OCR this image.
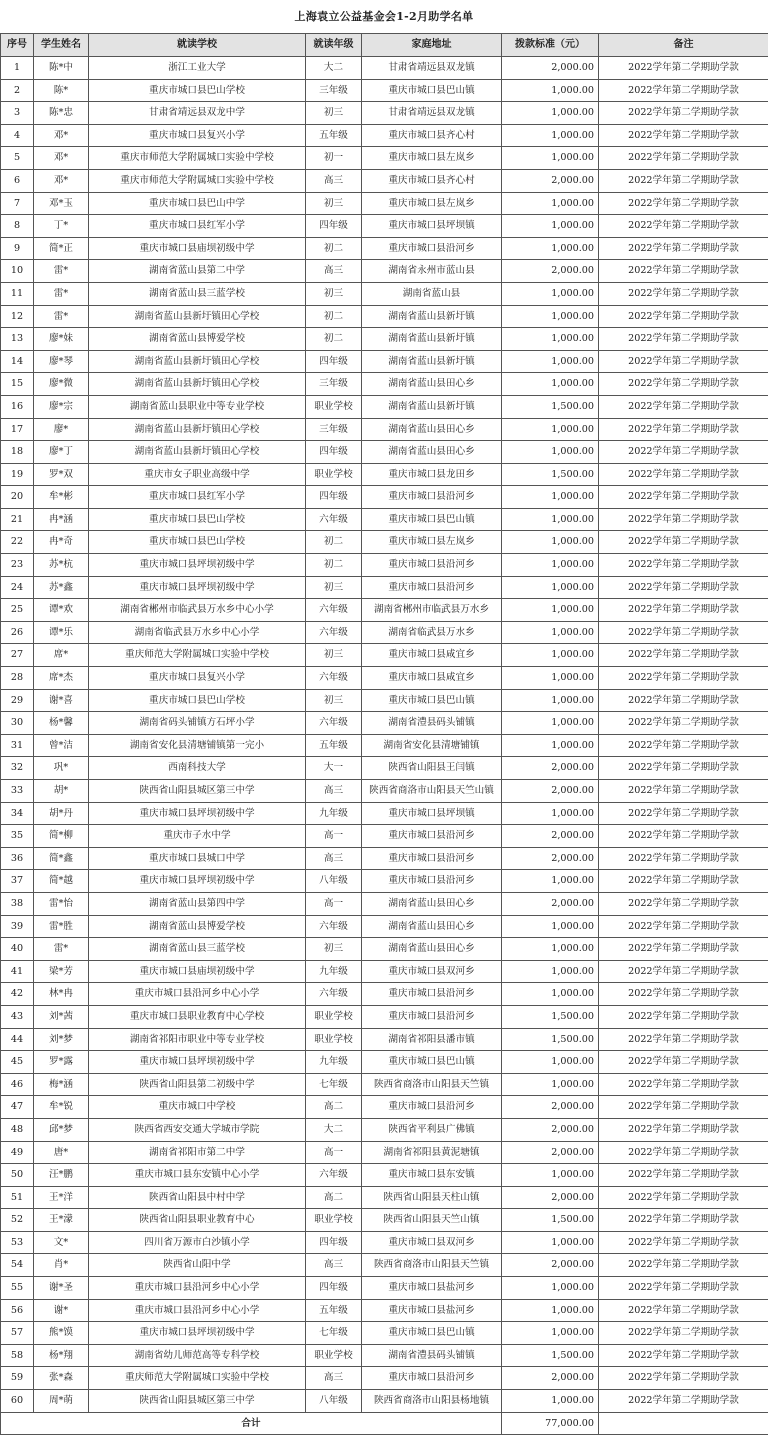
上海袁立公益基金会1-2月助学名单
序号	学生姓名	就读学校	就读年级	家庭地址	拨款标准（元）	备注
1	陈*中	浙江工业大学	大二	甘肃省靖远县双龙镇	2,000.00	2022学年第二学期助学款
2	陈*	重庆市城口县巴山学校	三年级	重庆市城口县巴山镇	1,000.00	2022学年第二学期助学款
3	陈*忠	甘肃省靖远县双龙中学	初三	甘肃省靖远县双龙镇	1,000.00	2022学年第二学期助学款
4	邓*	重庆市城口县复兴小学	五年级	重庆市城口县齐心村	1,000.00	2022学年第二学期助学款
5	邓*	重庆市师范大学附属城口实验中学校	初一	重庆市城口县左岚乡	1,000.00	2022学年第二学期助学款
6	邓*	重庆市师范大学附属城口实验中学校	高三	重庆市城口县齐心村	2,000.00	2022学年第二学期助学款
7	邓*玉	重庆市城口县巴山中学	初三	重庆市城口县左岚乡	1,000.00	2022学年第二学期助学款
8	丁*	重庆市城口县红军小学	四年级	重庆市城口县坪坝镇	1,000.00	2022学年第二学期助学款
9	简*正	重庆市城口县庙坝初级中学	初二	重庆市城口县沿河乡	1,000.00	2022学年第二学期助学款
10	雷*	湖南省蓝山县第二中学	高三	湖南省永州市蓝山县	2,000.00	2022学年第二学期助学款
11	雷*	湖南省蓝山县三蓝学校	初三	湖南省蓝山县	1,000.00	2022学年第二学期助学款
12	雷*	湖南省蓝山县新圩镇田心学校	初二	湖南省蓝山县新圩镇	1,000.00	2022学年第二学期助学款
13	廖*妹	湖南省蓝山县博爱学校	初二	湖南省蓝山县新圩镇	1,000.00	2022学年第二学期助学款
14	廖*琴	湖南省蓝山县新圩镇田心学校	四年级	湖南省蓝山县新圩镇	1,000.00	2022学年第二学期助学款
15	廖*微	湖南省蓝山县新圩镇田心学校	三年级	湖南省蓝山县田心乡	1,000.00	2022学年第二学期助学款
16	廖*宗	湖南省蓝山县职业中等专业学校	职业学校	湖南省蓝山县新圩镇	1,500.00	2022学年第二学期助学款
17	廖*	湖南省蓝山县新圩镇田心学校	三年级	湖南省蓝山县田心乡	1,000.00	2022学年第二学期助学款
18	廖*丁	湖南省蓝山县新圩镇田心学校	四年级	湖南省蓝山县田心乡	1,000.00	2022学年第二学期助学款
19	罗*双	重庆市女子职业高级中学	职业学校	重庆市城口县龙田乡	1,500.00	2022学年第二学期助学款
20	牟*彬	重庆市城口县红军小学	四年级	重庆市城口县沿河乡	1,000.00	2022学年第二学期助学款
21	冉*涵	重庆市城口县巴山学校	六年级	重庆市城口县巴山镇	1,000.00	2022学年第二学期助学款
22	冉*奇	重庆市城口县巴山学校	初二	重庆市城口县左岚乡	1,000.00	2022学年第二学期助学款
23	苏*杭	重庆市城口县坪坝初级中学	初二	重庆市城口县沿河乡	1,000.00	2022学年第二学期助学款
24	苏*鑫	重庆市城口县坪坝初级中学	初三	重庆市城口县沿河乡	1,000.00	2022学年第二学期助学款
25	谭*欢	湖南省郴州市临武县万水乡中心小学	六年级	湖南省郴州市临武县万水乡	1,000.00	2022学年第二学期助学款
26	谭*乐	湖南省临武县万水乡中心小学	六年级	湖南省临武县万水乡	1,000.00	2022学年第二学期助学款
27	席*	重庆师范大学附属城口实验中学校	初三	重庆市城口县咸宜乡	1,000.00	2022学年第二学期助学款
28	席*杰	重庆市城口县复兴小学	六年级	重庆市城口县咸宜乡	1,000.00	2022学年第二学期助学款
29	谢*喜	重庆市城口县巴山学校	初三	重庆市城口县巴山镇	1,000.00	2022学年第二学期助学款
30	杨*馨	湖南省码头铺镇方石坪小学	六年级	湖南省澧县码头铺镇	1,000.00	2022学年第二学期助学款
31	曾*洁	湖南省安化县清塘铺镇第一完小	五年级	湖南省安化县清塘铺镇	1,000.00	2022学年第二学期助学款
32	巩*	西南科技大学	大一	陕西省山阳县王闫镇	2,000.00	2022学年第二学期助学款
33	胡*	陕西省山阳县城区第三中学	高三	陕西省商洛市山阳县天竺山镇	2,000.00	2022学年第二学期助学款
34	胡*丹	重庆市城口县坪坝初级中学	九年级	重庆市城口县坪坝镇	1,000.00	2022学年第二学期助学款
35	简*柳	重庆市子水中学	高一	重庆市城口县沿河乡	2,000.00	2022学年第二学期助学款
36	简*鑫	重庆市城口县城口中学	高三	重庆市城口县沿河乡	2,000.00	2022学年第二学期助学款
37	简*越	重庆市城口县坪坝初级中学	八年级	重庆市城口县沿河乡	1,000.00	2022学年第二学期助学款
38	雷*怡	湖南省蓝山县第四中学	高一	湖南省蓝山县田心乡	2,000.00	2022学年第二学期助学款
39	雷*胜	湖南省蓝山县博爱学校	六年级	湖南省蓝山县田心乡	1,000.00	2022学年第二学期助学款
40	雷*	湖南省蓝山县三蓝学校	初三	湖南省蓝山县田心乡	1,000.00	2022学年第二学期助学款
41	梁*芳	重庆市城口县庙坝初级中学	九年级	重庆市城口县双河乡	1,000.00	2022学年第二学期助学款
42	林*冉	重庆市城口县沿河乡中心小学	六年级	重庆市城口县沿河乡	1,000.00	2022学年第二学期助学款
43	刘*茜	重庆市城口县职业教育中心学校	职业学校	重庆市城口县沿河乡	1,500.00	2022学年第二学期助学款
44	刘*梦	湖南省祁阳市职业中等专业学校	职业学校	湖南省祁阳县潘市镇	1,500.00	2022学年第二学期助学款
45	罗*露	重庆市城口县坪坝初级中学	九年级	重庆市城口县巴山镇	1,000.00	2022学年第二学期助学款
46	梅*涵	陕西省山阳县第二初级中学	七年级	陕西省商洛市山阳县天竺镇	1,000.00	2022学年第二学期助学款
47	牟*锐	重庆市城口中学校	高二	重庆市城口县沿河乡	2,000.00	2022学年第二学期助学款
48	邱*梦	陕西省西安交通大学城市学院	大二	陕西省平利县广佛镇	2,000.00	2022学年第二学期助学款
49	唐*	湖南省祁阳市第二中学	高一	湖南省祁阳县黄泥塘镇	2,000.00	2022学年第二学期助学款
50	汪*鹏	重庆市城口县东安镇中心小学	六年级	重庆市城口县东安镇	1,000.00	2022学年第二学期助学款
51	王*洋	陕西省山阳县中村中学	高二	陕西省山阳县天柱山镇	2,000.00	2022学年第二学期助学款
52	王*濛	陕西省山阳县职业教育中心	职业学校	陕西省山阳县天竺山镇	1,500.00	2022学年第二学期助学款
53	文*	四川省万源市白沙镇小学	四年级	重庆市城口县双河乡	1,000.00	2022学年第二学期助学款
54	肖*	陕西省山阳中学	高三	陕西省商洛市山阳县天竺镇	2,000.00	2022学年第二学期助学款
55	谢*圣	重庆市城口县沿河乡中心小学	四年级	重庆市城口县盐河乡	1,000.00	2022学年第二学期助学款
56	谢*	重庆市城口县沿河乡中心小学	五年级	重庆市城口县盐河乡	1,000.00	2022学年第二学期助学款
57	熊*馍	重庆市城口县坪坝初级中学	七年级	重庆市城口县巴山镇	1,000.00	2022学年第二学期助学款
58	杨*翔	湖南省幼儿师范高等专科学校	职业学校	湖南省澧县码头铺镇	1,500.00	2022学年第二学期助学款
59	张*森	重庆师范大学附属城口实验中学校	高三	重庆市城口县沿河乡	2,000.00	2022学年第二学期助学款
60	周*萌	陕西省山阳县城区第三中学	八年级	陕西省商洛市山阳县杨地镇	1,000.00	2022学年第二学期助学款
合计					77,000.00	
